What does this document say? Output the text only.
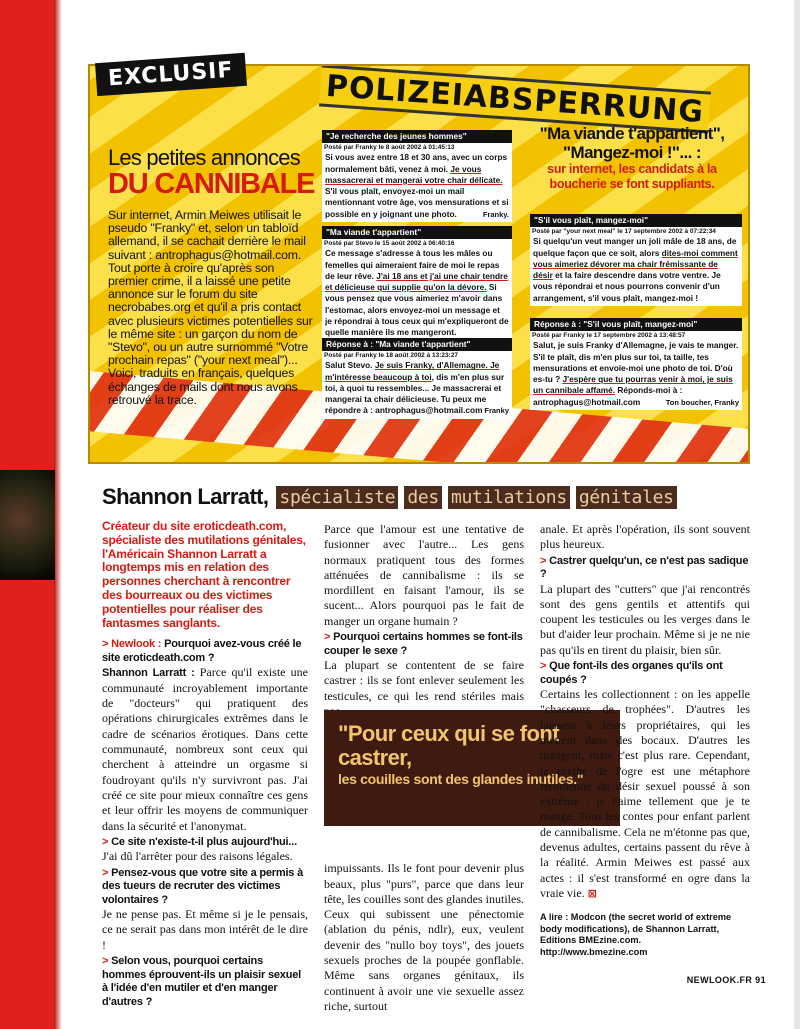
POLIZEIABSPERRUNG
EXCLUSIF
Les petites annonces
DU CANNIBALE
Sur internet, Armin Meiwes utilisait le pseudo "Franky" et, selon un tabloïd allemand, il se cachait derrière le mail suivant : antrophagus@hotmail.com. Tout porte à croire qu'après son premier crime, il a laissé une petite annonce sur le forum du site necrobabes.org et qu'il a pris contact avec plusieurs victimes potentielles sur le même site : un garçon du nom de "Stevo", ou un autre surnommé "Votre prochain repas" ("your next meal")... Voici, traduits en français, quelques échanges de mails dont nous avons retrouvé la trace.
"Je recherche des jeunes hommes"
Posté par Franky le 8 août 2002 à 01:45:13
Si vous avez entre 18 et 30 ans, avec un corps normalement bâti, venez à moi. Je vous massacrerai et mangerai votre chair délicate. S'il vous plaît, envoyez-moi un mail mentionnant votre âge, vos mensurations et si possible en y joignant une photo.	Franky.
"Ma viande t'appartient"
Posté par Stevo le 15 août 2002 à 06:40:16
Ce message s'adresse à tous les mâles ou femelles qui aimeraient faire de moi le repas de leur rêve. J'ai 18 ans et j'ai une chair tendre et délicieuse qui supplie qu'on la dévore. Si vous pensez que vous aimeriez m'avoir dans l'estomac, alors envoyez-moi un message et je répondrai à tous ceux qui m'expliqueront de quelle manière ils me mangeront.
Réponse à : "Ma viande t'appartient"
Posté par Franky le 18 août 2002 à 13:23:27
Salut Stevo. Je suis Franky, d'Allemagne. Je m'intéresse beaucoup à toi, dis m'en plus sur toi, à quoi tu ressembles... Je massacrerai et mangerai ta chair délicieuse. Tu peux me répondre à : antrophagus@hotmail.com Franky
"Ma viande t'appartient", "Mangez-moi !"... :
sur internet, les candidats à la boucherie se font suppliants.
"S'il vous plaît, mangez-moi"
Posté par "your next meal" le 17 septembre 2002 à 07:22:34
Si quelqu'un veut manger un joli mâle de 18 ans, de quelque façon que ce soit, alors dites-moi comment vous aimeriez dévorer ma chair frémissante de désir et la faire descendre dans votre ventre. Je vous répondrai et nous pourrons convenir d'un arrangement, s'il vous plaît, mangez-moi !
Réponse à : "S'il vous plaît, mangez-moi"
Posté par Franky le 17 septembre 2002 à 13:48:57
Salut, je suis Franky d'Allemagne, je vais te manger. S'il te plaît, dis m'en plus sur toi, ta taille, tes mensurations et envoie-moi une photo de toi. D'où es-tu ? J'espère que tu pourras venir à moi, je suis un cannibale affamé. Réponds-moi à : antrophagus@hotmail.com	Ton boucher, Franky
Shannon Larratt, spécialiste des mutilations génitales
Créateur du site eroticdeath.com, spécialiste des mutilations génitales, l'Américain Shannon Larratt a longtemps mis en relation des personnes cherchant à rencontrer des bourreaux ou des victimes potentielles pour réaliser des fantasmes sanglants.
> Newlook : Pourquoi avez-vous créé le site eroticdeath.com ?

Shannon Larratt : Parce qu'il existe une communauté incroyablement importante de "docteurs" qui pratiquent des opérations chirurgicales extrêmes dans le cadre de scénarios érotiques. Dans cette communauté, nombreux sont ceux qui cherchent à atteindre un orgasme si foudroyant qu'ils n'y survivront pas. J'ai créé ce site pour mieux connaître ces gens et leur offrir les moyens de communiquer dans la sécurité et l'anonymat.

> Ce site n'existe-t-il plus aujourd'hui...

J'ai dû l'arrêter pour des raisons légales.

> Pensez-vous que votre site a permis à des tueurs de recruter des victimes volontaires ?

Je ne pense pas. Et même si je le pensais, ce ne serait pas dans mon intérêt de le dire !

> Selon vous, pourquoi certains hommes éprouvent-ils un plaisir sexuel à l'idée d'en mutiler et d'en manger d'autres ?

Parce que l'amour est une tentative de fusionner avec l'autre... Les gens normaux pratiquent tous des formes atténuées de cannibalisme : ils se mordillent en faisant l'amour, ils se sucent... Alors pourquoi pas le fait de manger un organe humain ?

> Pourquoi certains hommes se font-ils couper le sexe ?

La plupart se contentent de se faire castrer : ils se font enlever seulement les testicules, ce qui les rend stériles mais

impuissants. Ils le font pour devenir plus beaux, plus "purs", parce que dans leur tête, les couilles sont des glandes inutiles. Ceux qui subissent une pénectomie (ablation du pénis, ndlr), eux, veulent devenir des "nullo boy toys", des jouets sexuels proches de la poupée gonflable. Même sans organes génitaux, ils continuent à avoir une vie sexuelle assez riche, surtout

"Pour ceux qui se font castrer,
les couilles sont des glandes inutiles."

anale. Et après l'opération, ils sont souvent plus heureux.

> Castrer quelqu'un, ce n'est pas sadique ?

La plupart des "cutters" que j'ai rencontrés sont des gens gentils et attentifs qui coupent les testicules ou les verges dans le but d'aider leur prochain. Même si je ne nie pas qu'ils en tirent du plaisir, bien sûr.

> Que font-ils des organes qu'ils ont coupés ?

Certains les collectionnent : on les appelle "chasseurs de trophées". D'autres les laissent à leurs propriétaires, qui les mettent dans des bocaux. D'autres les mangent, mais c'est plus rare. Cependant, le mythe de l'ogre est une métaphore freudienne du désir sexuel poussé à son extrême : je t'aime tellement que je te mange. Tous les contes pour enfant parlent de cannibalisme. Cela ne m'étonne pas que, devenus adultes, certains passent du rêve à la réalité. Armin Meiwes est passé aux actes : il s'est transformé en ogre dans la vraie vie. ⊠

A lire : Modcon (the secret world of extreme body modifications), de Shannon Larratt, Editions BMEzine.com. http://www.bmezine.com
NEWLOOK.FR 91
